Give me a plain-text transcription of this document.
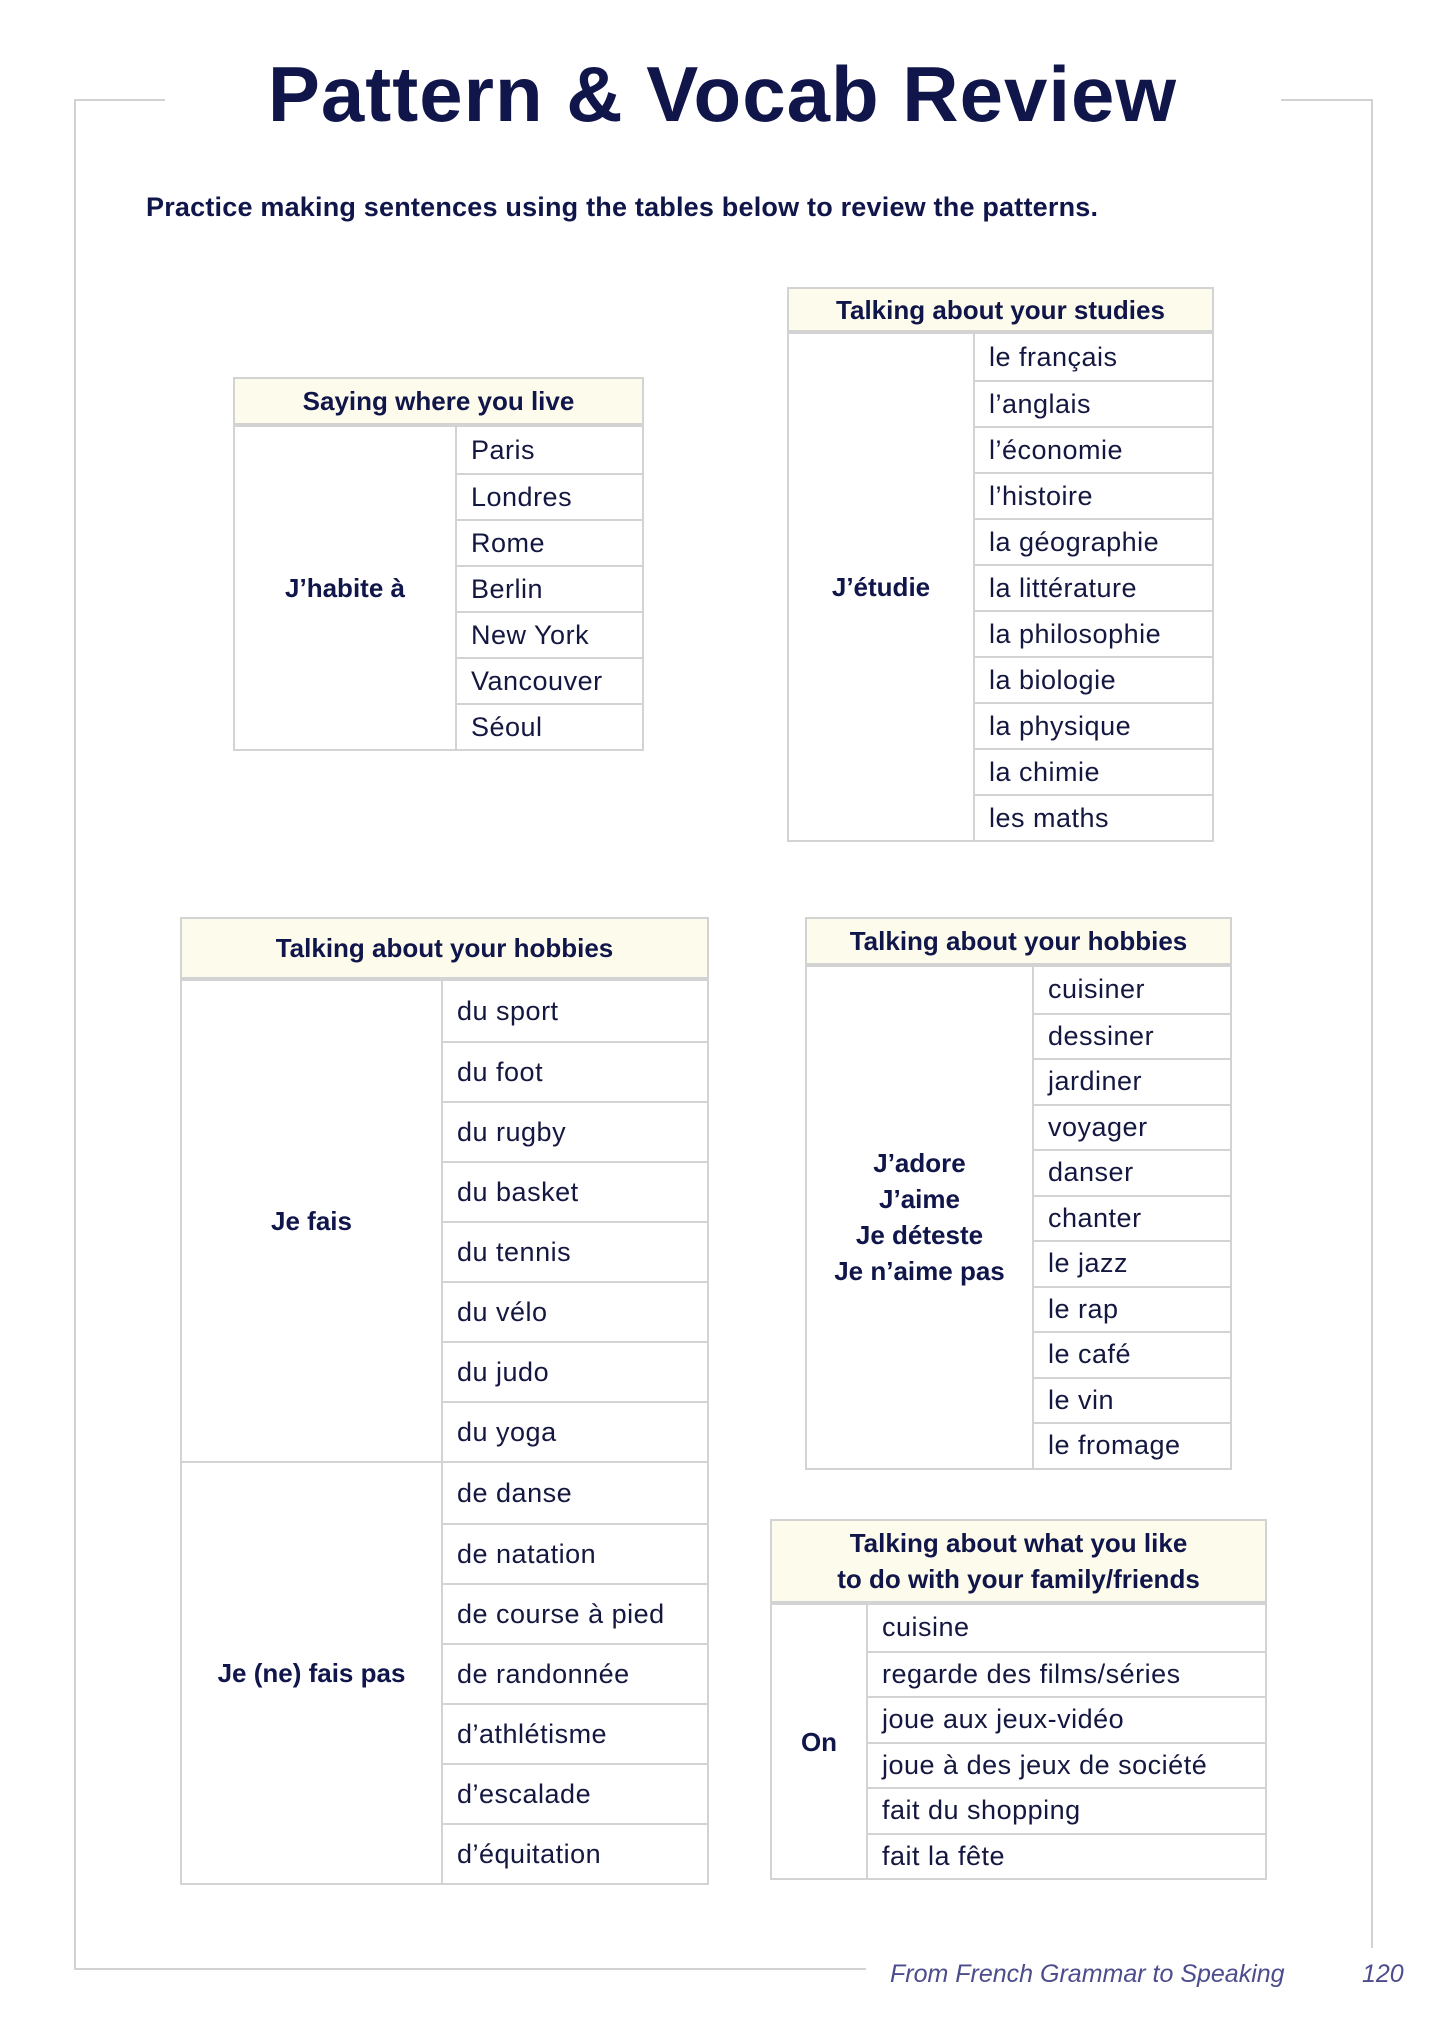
Pattern & Vocab Review
Practice making sentences using the tables below to review the patterns.
Saying where you live
J’habite à
Paris
Londres
Rome
Berlin
New York
Vancouver
Séoul
Talking about your studies
J’étudie
le français
l’anglais
l’économie
l’histoire
la géographie
la littérature
la philosophie
la biologie
la physique
la chimie
les maths
Talking about your hobbies
Je fais
du sport
du foot
du rugby
du basket
du tennis
du vélo
du judo
du yoga
Je (ne) fais pas
de danse
de natation
de course à pied
de randonnée
d’athlétisme
d’escalade
d’équitation
Talking about your hobbies
J’adore
J’aime
Je déteste
Je n’aime pas
cuisiner
dessiner
jardiner
voyager
danser
chanter
le jazz
le rap
le café
le vin
le fromage
Talking about what you like
to do with your family/friends
On
cuisine
regarde des films/séries
joue aux jeux-vidéo
joue à des jeux de société
fait du shopping
fait la fête
From French Grammar to Speaking	120
